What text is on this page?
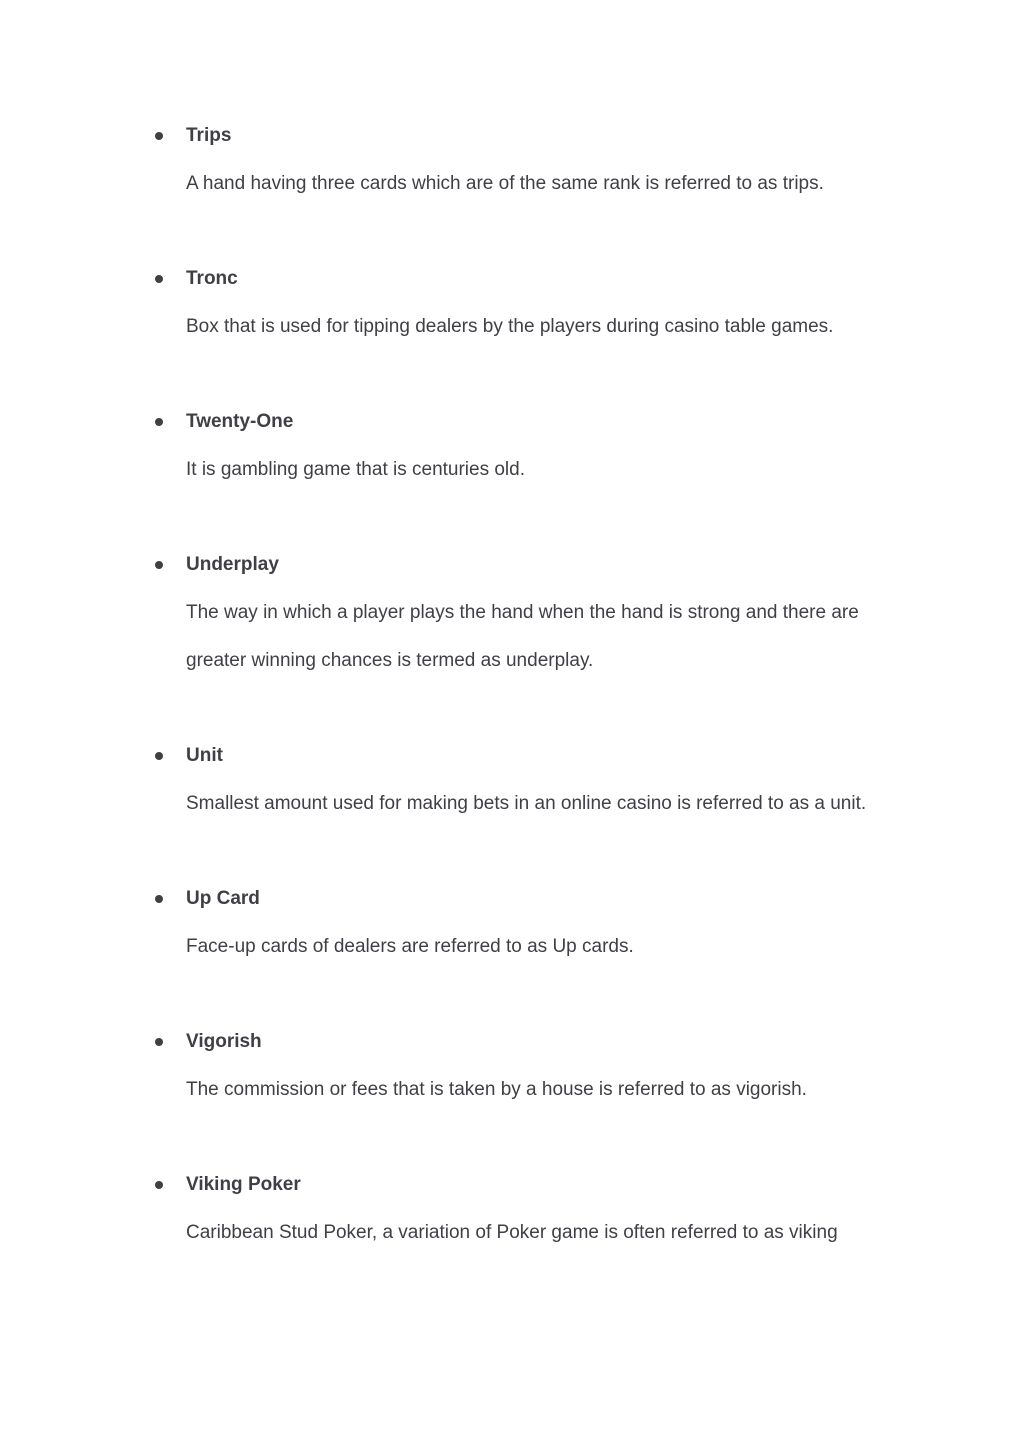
Trips
A hand having three cards which are of the same rank is referred to as trips.
Tronc
Box that is used for tipping dealers by the players during casino table games.
Twenty-One
It is gambling game that is centuries old.
Underplay
The way in which a player plays the hand when the hand is strong and there are greater winning chances is termed as underplay.
Unit
Smallest amount used for making bets in an online casino is referred to as a unit.
Up Card
Face-up cards of dealers are referred to as Up cards.
Vigorish
The commission or fees that is taken by a house is referred to as vigorish.
Viking Poker
Caribbean Stud Poker, a variation of Poker game is often referred to as viking
